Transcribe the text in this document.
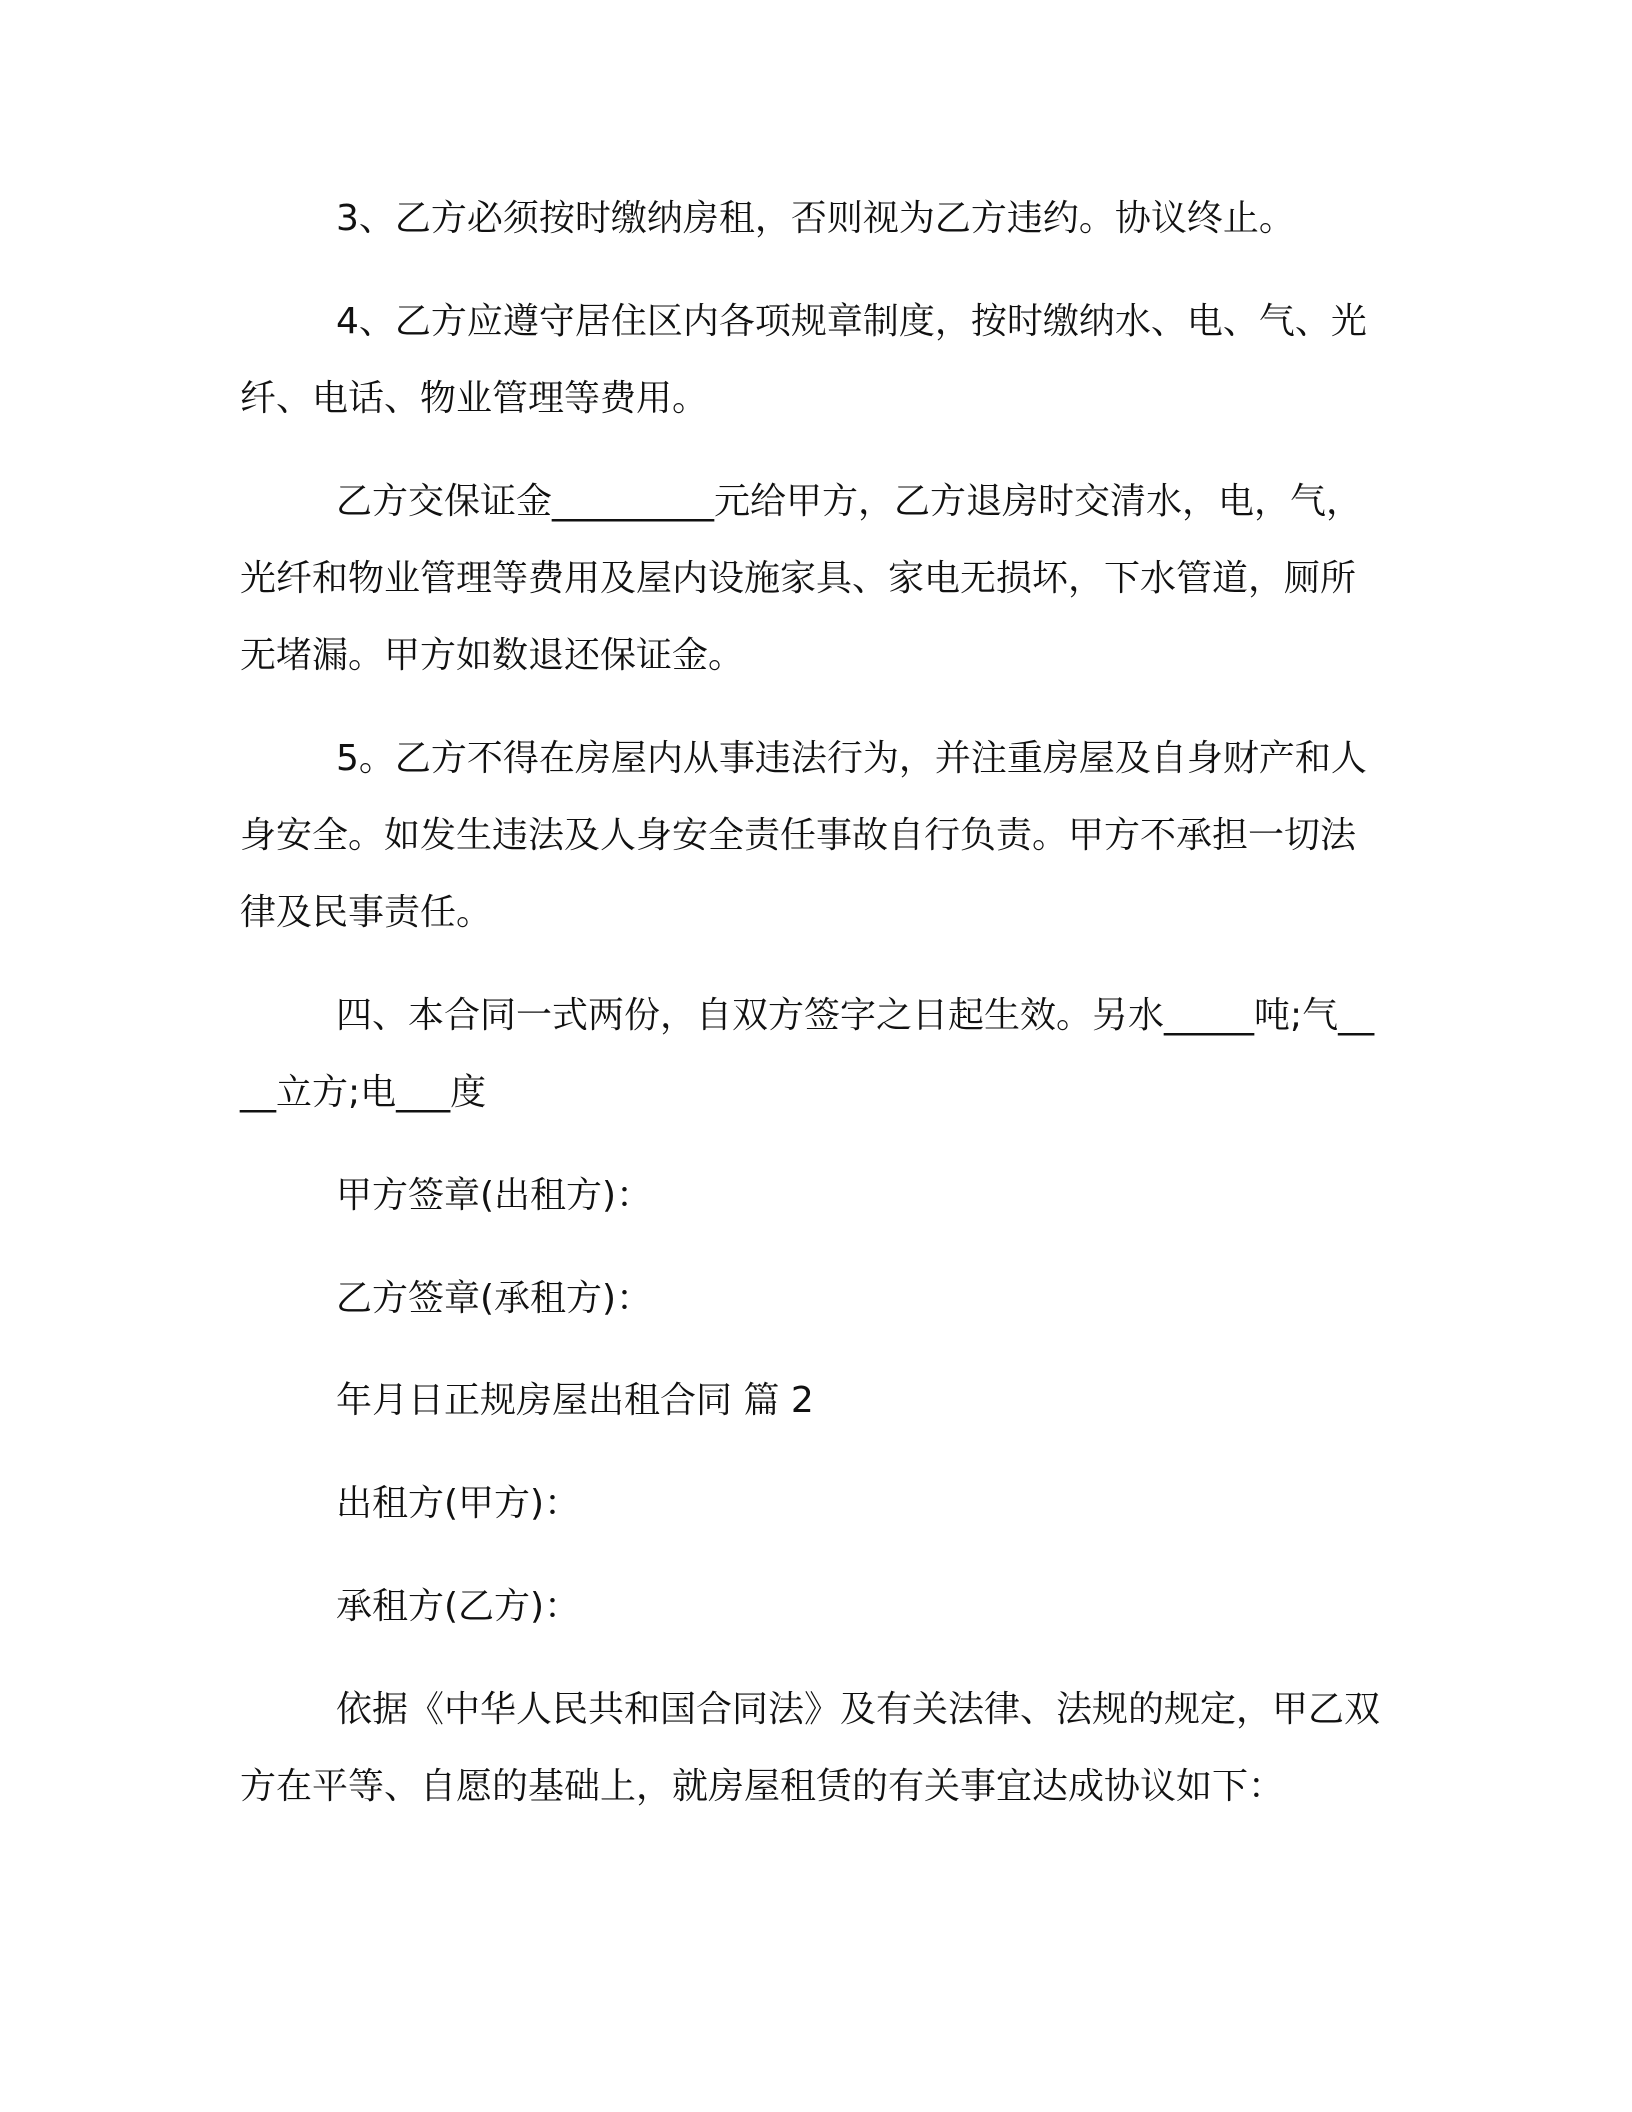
3、乙方必须按时缴纳房租，否则视为乙方违约。协议终止。

4、乙方应遵守居住区内各项规章制度，按时缴纳水、电、气、光纤、电话、物业管理等费用。

乙方交保证金_________元给甲方，乙方退房时交清水，电，气，光纤和物业管理等费用及屋内设施家具、家电无损坏，下水管道，厕所无堵漏。甲方如数退还保证金。

5。乙方不得在房屋内从事违法行为，并注重房屋及自身财产和人身安全。如发生违法及人身安全责任事故自行负责。甲方不承担一切法律及民事责任。

四、本合同一式两份，自双方签字之日起生效。另水_____吨;气____立方;电___度

甲方签章(出租方)：

乙方签章(承租方)：

年月日正规房屋出租合同 篇 2

出租方(甲方)：

承租方(乙方)：

依据《中华人民共和国合同法》及有关法律、法规的规定，甲乙双方在平等、自愿的基础上，就房屋租赁的有关事宜达成协议如下：
